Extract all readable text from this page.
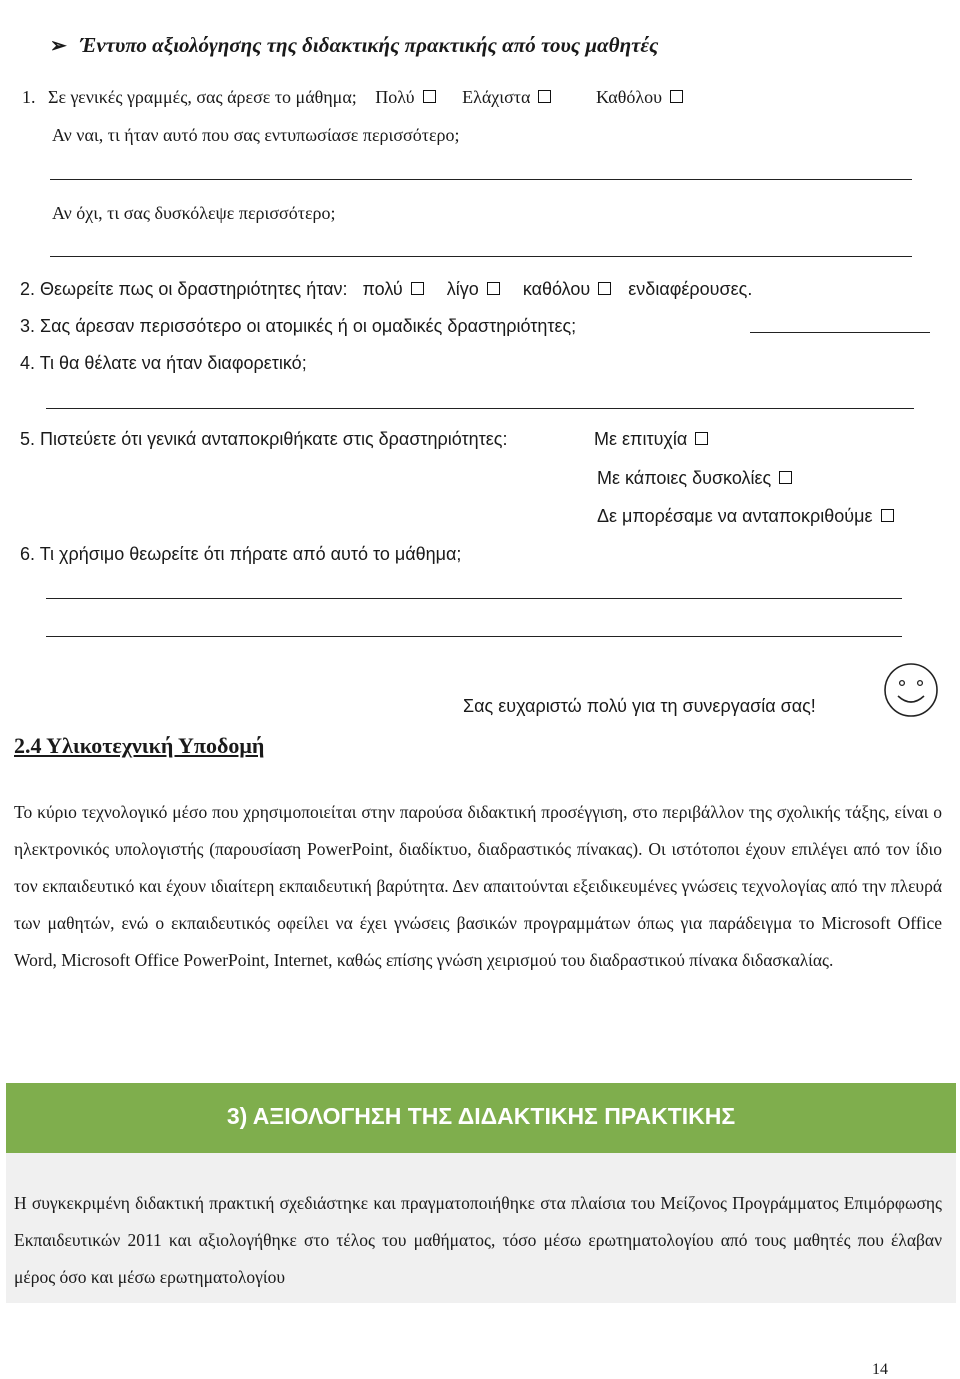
➢ Έντυπο αξιολόγησης της διδακτικής πρακτικής από τους μαθητές
1. Σε γενικές γραμμές, σας άρεσε το μάθημα; Πολύ	Ελάχιστα	Καθόλου
Αν ναι, τι ήταν αυτό που σας εντυπωσίασε περισσότερο;
Αν όχι, τι σας δυσκόλεψε περισσότερο;
2. Θεωρείτε πως οι δραστηριότητες ήταν: πολύ λίγο καθόλου ενδιαφέρουσες.
3. Σας άρεσαν περισσότερο οι ατομικές ή οι ομαδικές δραστηριότητες;
4. Τι θα θέλατε να ήταν διαφορετικό;
5. Πιστεύετε ότι γενικά ανταποκριθήκατε στις δραστηριότητες:	Με επιτυχία
Με κάποιες δυσκολίες
Δε μπορέσαμε να ανταποκριθούμε
6. Τι χρήσιμο θεωρείτε ότι πήρατε από αυτό το μάθημα;
Σας ευχαριστώ πολύ για τη συνεργασία σας!
2.4 Υλικοτεχνική Υποδομή

Το κύριο τεχνολογικό μέσο που χρησιμοποιείται στην παρούσα διδακτική προσέγγιση, στο περιβάλλον της σχολικής τάξης, είναι ο ηλεκτρονικός υπολογιστής (παρουσίαση PowerPoint, διαδίκτυο, διαδραστικός πίνακας). Οι ιστότοποι έχουν επιλέγει από τον ίδιο τον εκπαιδευτικό και έχουν ιδιαίτερη εκπαιδευτική βαρύτητα. Δεν απαιτούνται εξειδικευμένες γνώσεις τεχνολογίας από την πλευρά των μαθητών, ενώ ο εκπαιδευτικός οφείλει να έχει γνώσεις βασικών προγραμμάτων όπως για παράδειγμα το Microsoft Office Word, Microsoft Office PowerPoint, Internet, καθώς επίσης γνώση χειρισμού του διαδραστικού πίνακα διδασκαλίας.

3) ΑΞΙΟΛΟΓΗΣΗ ΤΗΣ ΔΙΔΑΚΤΙΚΗΣ ΠΡΑΚΤΙΚΗΣ

Η συγκεκριμένη διδακτική πρακτική σχεδιάστηκε και πραγματοποιήθηκε στα πλαίσια του Μείζονος Προγράμματος Επιμόρφωσης Εκπαιδευτικών 2011 και αξιολογήθηκε στο τέλος του μαθήματος, τόσο μέσω ερωτηματολογίου από τους μαθητές που έλαβαν μέρος όσο και μέσω ερωτηματολογίου

14
